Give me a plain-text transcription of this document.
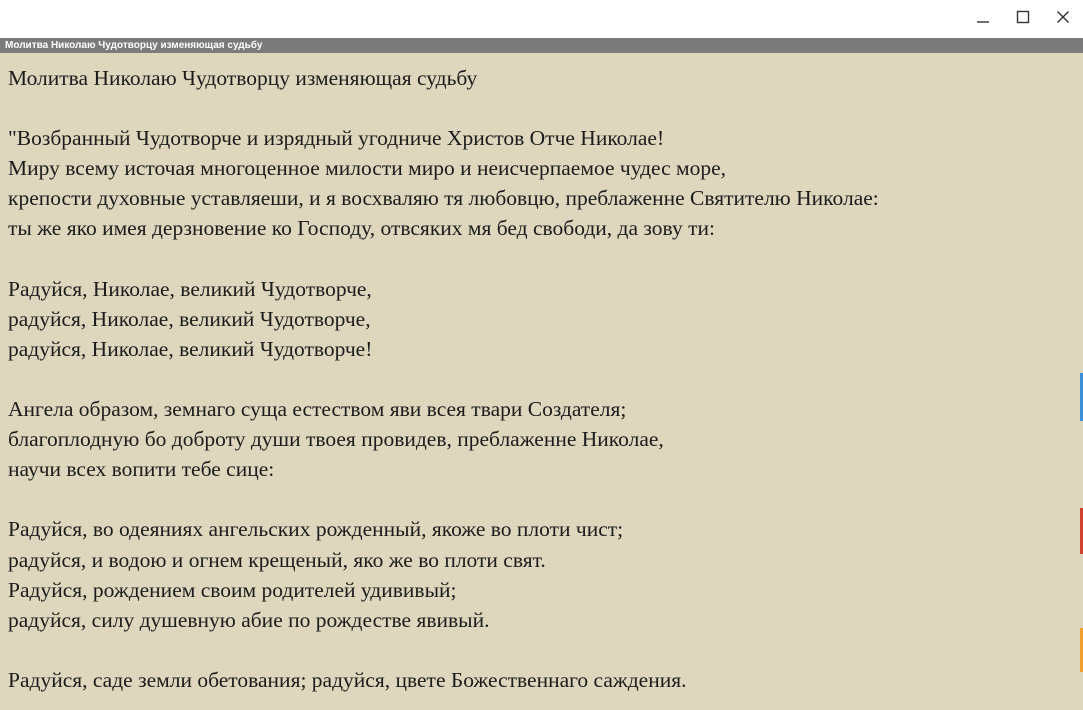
Молитва Николаю Чудотворцу изменяющая судьбу
Молитва Николаю Чудотворцу изменяющая судьбу

"Возбранный Чудотворче и изрядный угодниче Христов Отче Николае!
Миру всему источая многоценное милости миро и неисчерпаемое чудес море,
крепости духовные уставляеши, и я восхваляю тя любовцю, преблаженне Святителю Николае:
ты же яко имея дерзновение ко Господу, отвсяких мя бед свободи, да зову ти:

Радуйся, Николае, великий Чудотворче,
радуйся, Николае, великий Чудотворче,
радуйся, Николае, великий Чудотворче!

Ангела образом, земнаго суща естеством яви всея твари Создателя;
благоплодную бо доброту души твоея провидев, преблаженне Николае,
научи всех вопити тебе сице:

Радуйся, во одеяниях ангельских рожденный, якоже во плоти чист;
радуйся, и водою и огнем крещеный, яко же во плоти свят.
Радуйся, рождением своим родителей удививый;
радуйся, силу душевную абие по рождестве явивый.

Радуйся, саде земли обетования; радуйся, цвете Божественнаго саждения.
